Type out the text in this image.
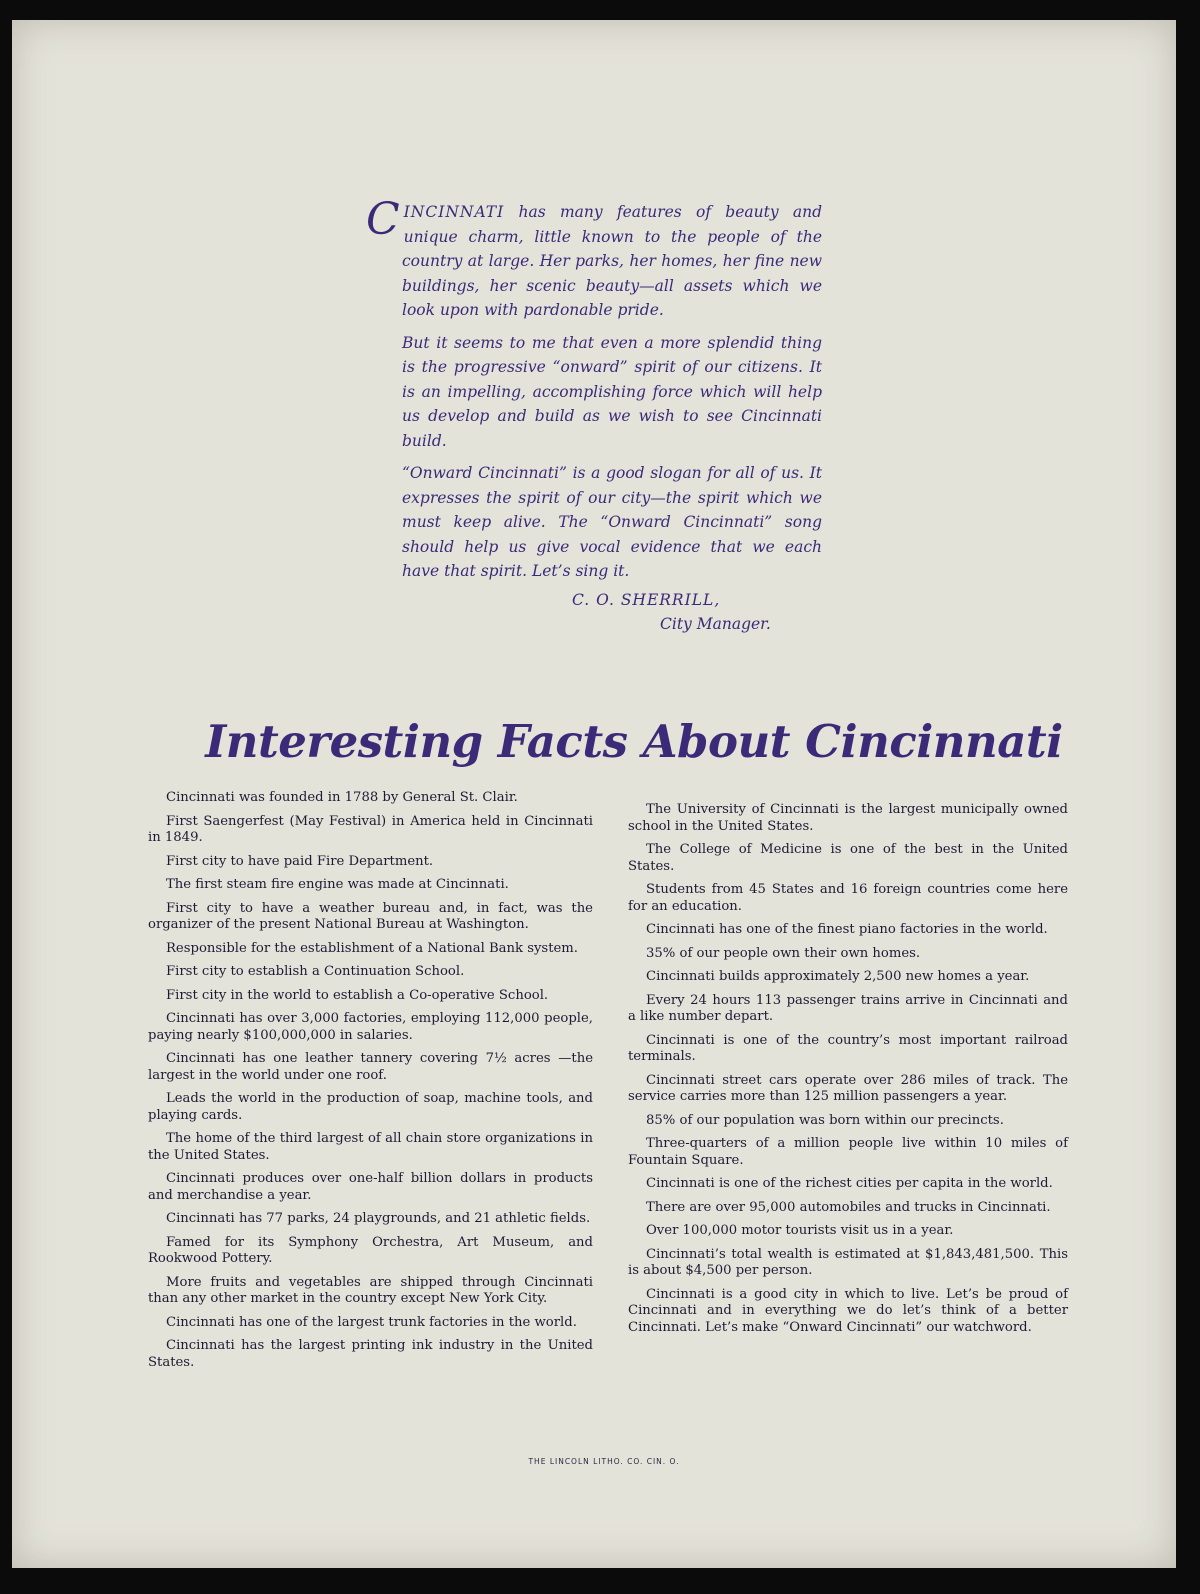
CINCINNATI has many features of beauty and unique charm, little known to the people of the country at large. Her parks, her homes, her fine new buildings, her scenic beauty—all assets which we look upon with pardonable pride.

But it seems to me that even a more splendid thing is the progressive “onward” spirit of our citizens. It is an impelling, accomplishing force which will help us develop and build as we wish to see Cincinnati build.

“Onward Cincinnati” is a good slogan for all of us. It expresses the spirit of our city—the spirit which we must keep alive. The “Onward Cincinnati” song should help us give vocal evidence that we each have that spirit. Let’s sing it.

C. O. SHERRILL,
City Manager.
Interesting Facts About Cincinnati

Cincinnati was founded in 1788 by General St. Clair.

First Saengerfest (May Festival) in America held in Cincinnati in 1849.

First city to have paid Fire Department.

The first steam fire engine was made at Cincinnati.

First city to have a weather bureau and, in fact, was the organizer of the present National Bureau at Washington.

Responsible for the establishment of a National Bank system.

First city to establish a Continuation School.

First city in the world to establish a Co-operative School.

Cincinnati has over 3,000 factories, employing 112,000 people, paying nearly $100,000,000 in salaries.

Cincinnati has one leather tannery covering 7½ acres —the largest in the world under one roof.

Leads the world in the production of soap, machine tools, and playing cards.

The home of the third largest of all chain store organizations in the United States.

Cincinnati produces over one-half billion dollars in products and merchandise a year.

Cincinnati has 77 parks, 24 playgrounds, and 21 athletic fields.

Famed for its Symphony Orchestra, Art Museum, and Rookwood Pottery.

More fruits and vegetables are shipped through Cincinnati than any other market in the country except New York City.

Cincinnati has one of the largest trunk factories in the world.

Cincinnati has the largest printing ink industry in the United States.

The University of Cincinnati is the largest municipally owned school in the United States.

The College of Medicine is one of the best in the United States.

Students from 45 States and 16 foreign countries come here for an education.

Cincinnati has one of the finest piano factories in the world.

35% of our people own their own homes.

Cincinnati builds approximately 2,500 new homes a year.

Every 24 hours 113 passenger trains arrive in Cincinnati and a like number depart.

Cincinnati is one of the country’s most important railroad terminals.

Cincinnati street cars operate over 286 miles of track. The service carries more than 125 million passengers a year.

85% of our population was born within our precincts.

Three-quarters of a million people live within 10 miles of Fountain Square.

Cincinnati is one of the richest cities per capita in the world.

There are over 95,000 automobiles and trucks in Cincinnati.

Over 100,000 motor tourists visit us in a year.

Cincinnati’s total wealth is estimated at $1,843,481,500. This is about $4,500 per person.

Cincinnati is a good city in which to live. Let’s be proud of Cincinnati and in everything we do let’s think of a better Cincinnati. Let’s make “Onward Cincinnati” our watchword.

THE LINCOLN LITHO. CO. CIN. O.
